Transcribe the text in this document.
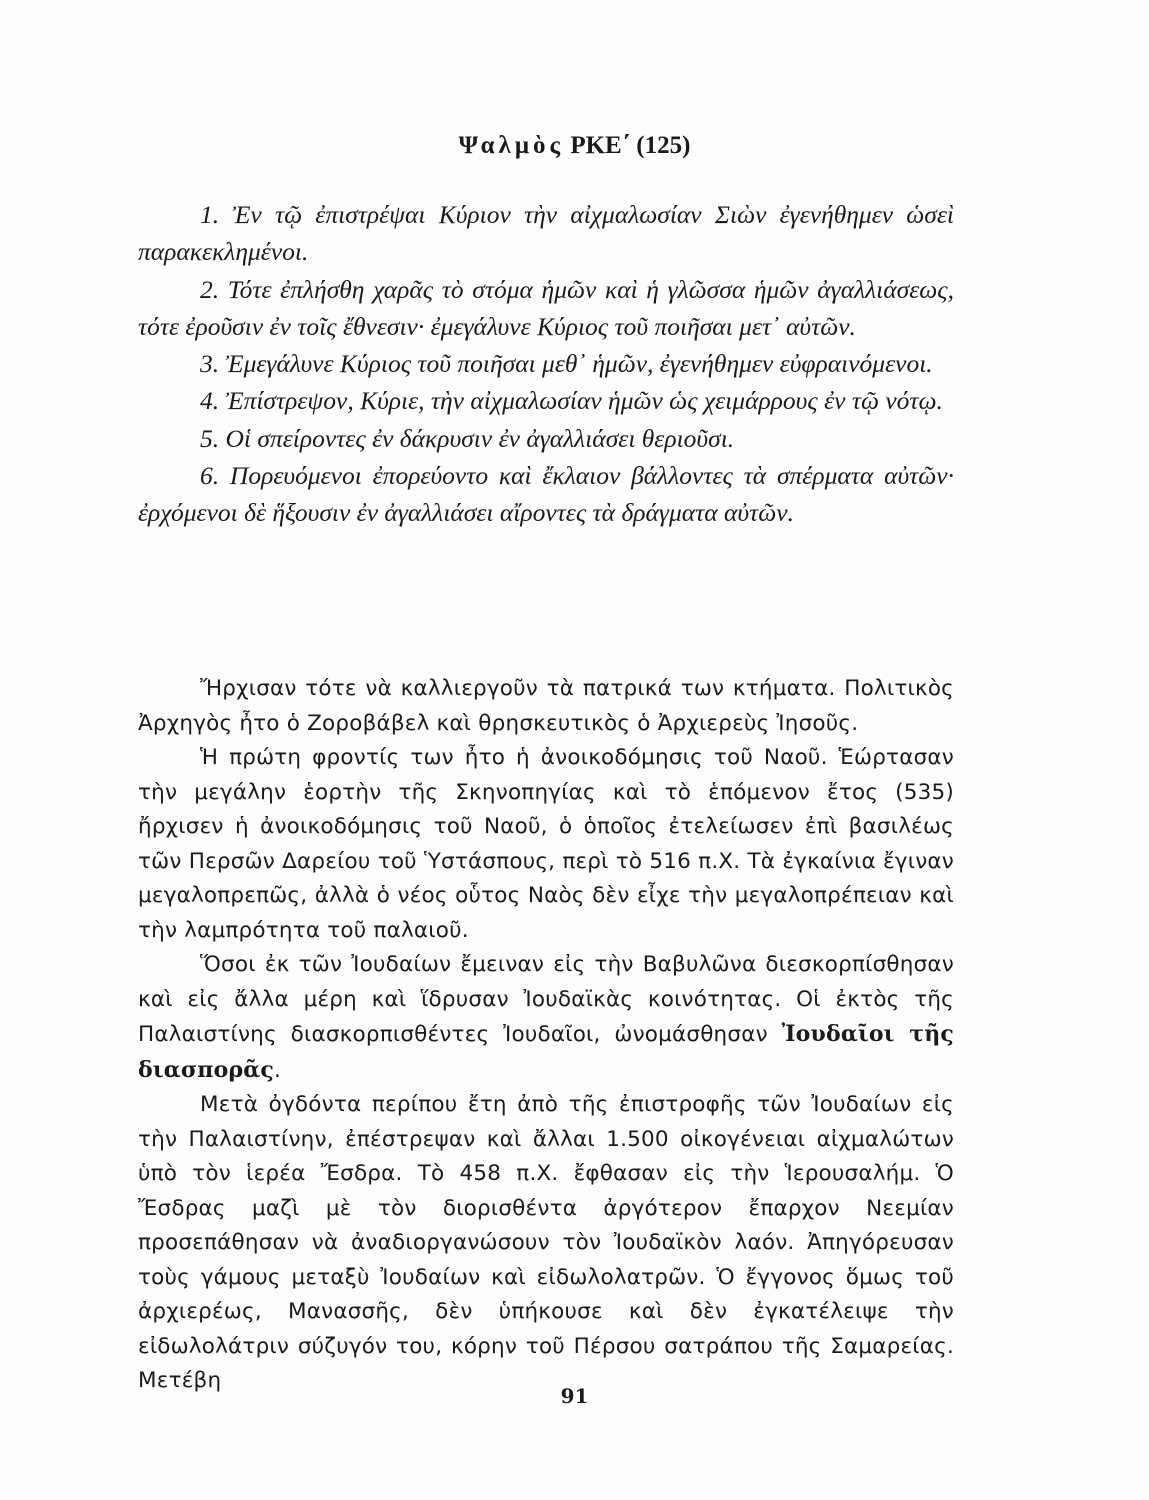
Ψαλμὸς ΡΚΕ΄ (125)

1. Ἐν τῷ ἐπιστρέψαι Κύριον τὴν αἰχμαλωσίαν Σιὼν ἐγενήθημεν ὡσεὶ παρακεκλημένοι.

2. Τότε ἐπλήσθη χαρᾶς τὸ στόμα ἡμῶν καὶ ἡ γλῶσσα ἡμῶν ἀγαλλιάσεως, τότε ἐροῦσιν ἐν τοῖς ἔθνεσιν· ἐμεγάλυνε Κύριος τοῦ ποιῆσαι μετ᾿ αὐτῶν.

3. Ἐμεγάλυνε Κύριος τοῦ ποιῆσαι μεθ᾿ ἡμῶν, ἐγενήθημεν εὐφραινόμενοι.

4. Ἐπίστρεψον, Κύριε, τὴν αἰχμαλωσίαν ἡμῶν ὡς χειμάρρους ἐν τῷ νότῳ.

5. Οἱ σπείροντες ἐν δάκρυσιν ἐν ἀγαλλιάσει θεριοῦσι.

6. Πορευόμενοι ἐπορεύοντο καὶ ἔκλαιον βάλλοντες τὰ σπέρματα αὐτῶν· ἐρχόμενοι δὲ ἥξουσιν ἐν ἀγαλλιάσει αἴροντες τὰ δράγματα αὐτῶν.

Ἤρχισαν τότε νὰ καλλιεργοῦν τὰ πατρικά των κτήματα. Πολιτικὸς Ἀρχηγὸς ἦτο ὁ Ζοροβάβελ καὶ θρησκευτικὸς ὁ Ἀρχιερεὺς Ἰησοῦς.

Ἡ πρώτη φροντίς των ἦτο ἡ ἀνοικοδόμησις τοῦ Ναοῦ. Ἑώρτασαν τὴν μεγάλην ἑορτὴν τῆς Σκηνοπηγίας καὶ τὸ ἑπόμενον ἔτος (535) ἤρχισεν ἡ ἀνοικοδόμησις τοῦ Ναοῦ, ὁ ὁποῖος ἐτελείωσεν ἐπὶ βασιλέως τῶν Περσῶν Δαρείου τοῦ Ὑστάσπους, περὶ τὸ 516 π.Χ. Τὰ ἐγκαίνια ἔγιναν μεγαλοπρεπῶς, ἀλλὰ ὁ νέος οὗτος Ναὸς δὲν εἶχε τὴν μεγαλοπρέπειαν καὶ τὴν λαμπρότητα τοῦ παλαιοῦ.

Ὅσοι ἐκ τῶν Ἰουδαίων ἔμειναν εἰς τὴν Βαβυλῶνα διεσκορπίσθησαν καὶ εἰς ἄλλα μέρη καὶ ἵδρυσαν Ἰουδαϊκὰς κοινότητας. Οἱ ἐκτὸς τῆς Παλαιστίνης διασκορπισθέντες Ἰουδαῖοι, ὠνομάσθησαν Ἰουδαῖοι τῆς διασπορᾶς.

Μετὰ ὀγδόντα περίπου ἔτη ἀπὸ τῆς ἐπιστροφῆς τῶν Ἰουδαίων εἰς τὴν Παλαιστίνην, ἐπέστρεψαν καὶ ἄλλαι 1.500 οἰκογένειαι αἰχμαλώτων ὑπὸ τὸν ἱερέα Ἔσδρα. Τὸ 458 π.Χ. ἔφθασαν εἰς τὴν Ἱερουσαλήμ. Ὁ Ἔσδρας μαζὶ μὲ τὸν διορισθέντα ἀργότερον ἔπαρχον Νεεμίαν προσεπάθησαν νὰ ἀναδιοργανώσουν τὸν Ἰουδαϊκὸν λαόν. Ἀπηγόρευσαν τοὺς γάμους μεταξὺ Ἰουδαίων καὶ εἰδωλολατρῶν. Ὁ ἔγγονος ὅμως τοῦ ἀρχιερέως, Μανασσῆς, δὲν ὑπήκουσε καὶ δὲν ἐγκατέλειψε τὴν εἰδωλολάτριν σύζυγόν του, κόρην τοῦ Πέρσου σατράπου τῆς Σαμαρείας. Μετέβη

91
